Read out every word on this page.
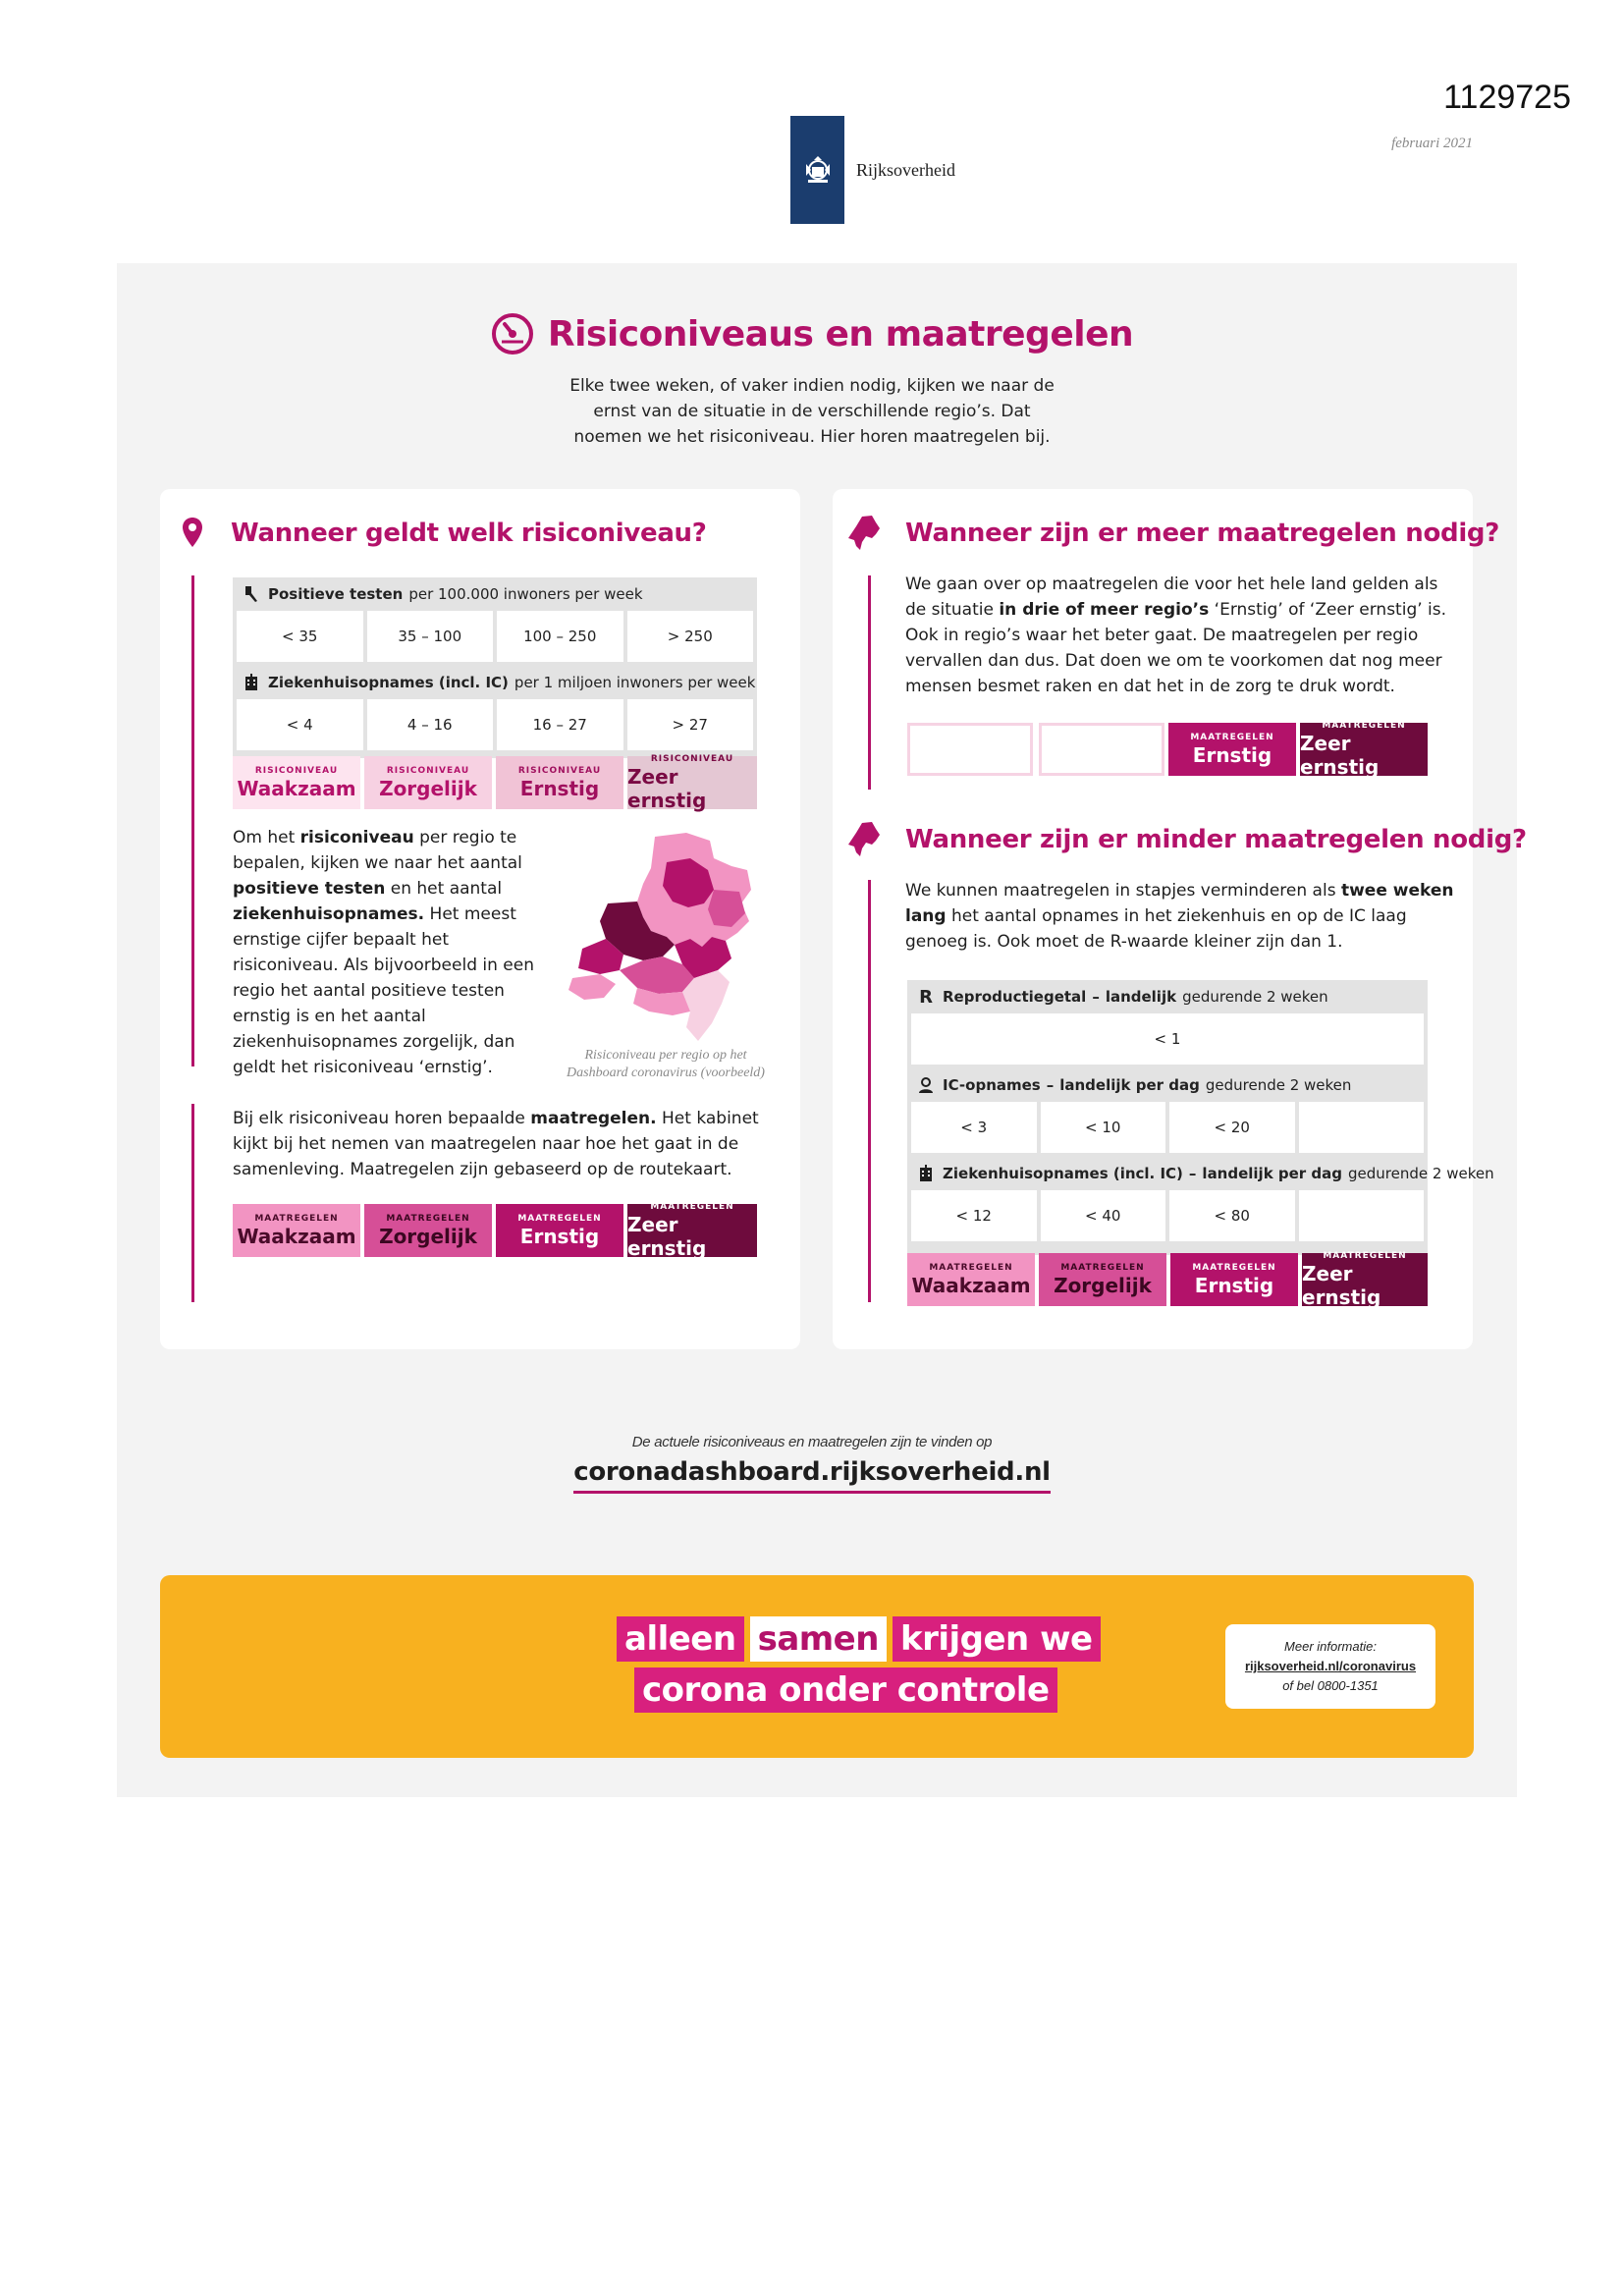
1129725
februari 2021
Rijksoverheid
Risiconiveaus en maatregelen
Elke twee weken, of vaker indien nodig, kijken we naar de ernst van de situatie in de verschillende regio’s. Dat noemen we het risiconiveau. Hier horen maatregelen bij.
Wanneer geldt welk risiconiveau?
Positieve testen per 100.000 inwoners per week
< 35	35 – 100	100 – 250	> 250
Ziekenhuisopnames (incl. IC) per 1 miljoen inwoners per week
< 4	4 – 16	16 – 27	> 27
RISICONIVEAU
Waakzaam
RISICONIVEAU
Zorgelijk
RISICONIVEAU
Ernstig
RISICONIVEAU
Zeer ernstig
Om het risiconiveau per regio te bepalen, kijken we naar het aantal positieve testen en het aantal ziekenhuisopnames. Het meest ernstige cijfer bepaalt het risiconiveau. Als bijvoorbeeld in een regio het aantal positieve testen ernstig is en het aantal ziekenhuisopnames zorgelijk, dan geldt het risiconiveau ‘ernstig’.
Risiconiveau per regio op het Dashboard coronavirus (voorbeeld)
Bij elk risiconiveau horen bepaalde maatregelen. Het kabinet kijkt bij het nemen van maatregelen naar hoe het gaat in de samenleving. Maatregelen zijn gebaseerd op de routekaart.
MAATREGELEN
Waakzaam
MAATREGELEN
Zorgelijk
MAATREGELEN
Ernstig
MAATREGELEN
Zeer ernstig
Wanneer zijn er meer maatregelen nodig?
We gaan over op maatregelen die voor het hele land gelden als de situatie in drie of meer regio’s ‘Ernstig’ of ‘Zeer ernstig’ is. Ook in regio’s waar het beter gaat. De maatregelen per regio vervallen dan dus. Dat doen we om te voorkomen dat nog meer mensen besmet raken en dat het in de zorg te druk wordt.
MAATREGELEN
Ernstig
MAATREGELEN
Zeer ernstig
Wanneer zijn er minder maatregelen nodig?
We kunnen maatregelen in stapjes verminderen als twee weken lang het aantal opnames in het ziekenhuis en op de IC laag genoeg is. Ook moet de R-waarde kleiner zijn dan 1.
R Reproductiegetal – landelijk gedurende 2 weken
< 1
IC-opnames – landelijk per dag gedurende 2 weken
< 3	< 10	< 20
Ziekenhuisopnames (incl. IC) – landelijk per dag gedurende 2 weken
< 12	< 40	< 80
MAATREGELEN
Waakzaam
MAATREGELEN
Zorgelijk
MAATREGELEN
Ernstig
MAATREGELEN
Zeer ernstig
De actuele risiconiveaus en maatregelen zijn te vinden op
coronadashboard.rijksoverheid.nl
alleen samen krijgen we
corona onder controle
Meer informatie:
rijksoverheid.nl/coronavirus
of bel 0800-1351
